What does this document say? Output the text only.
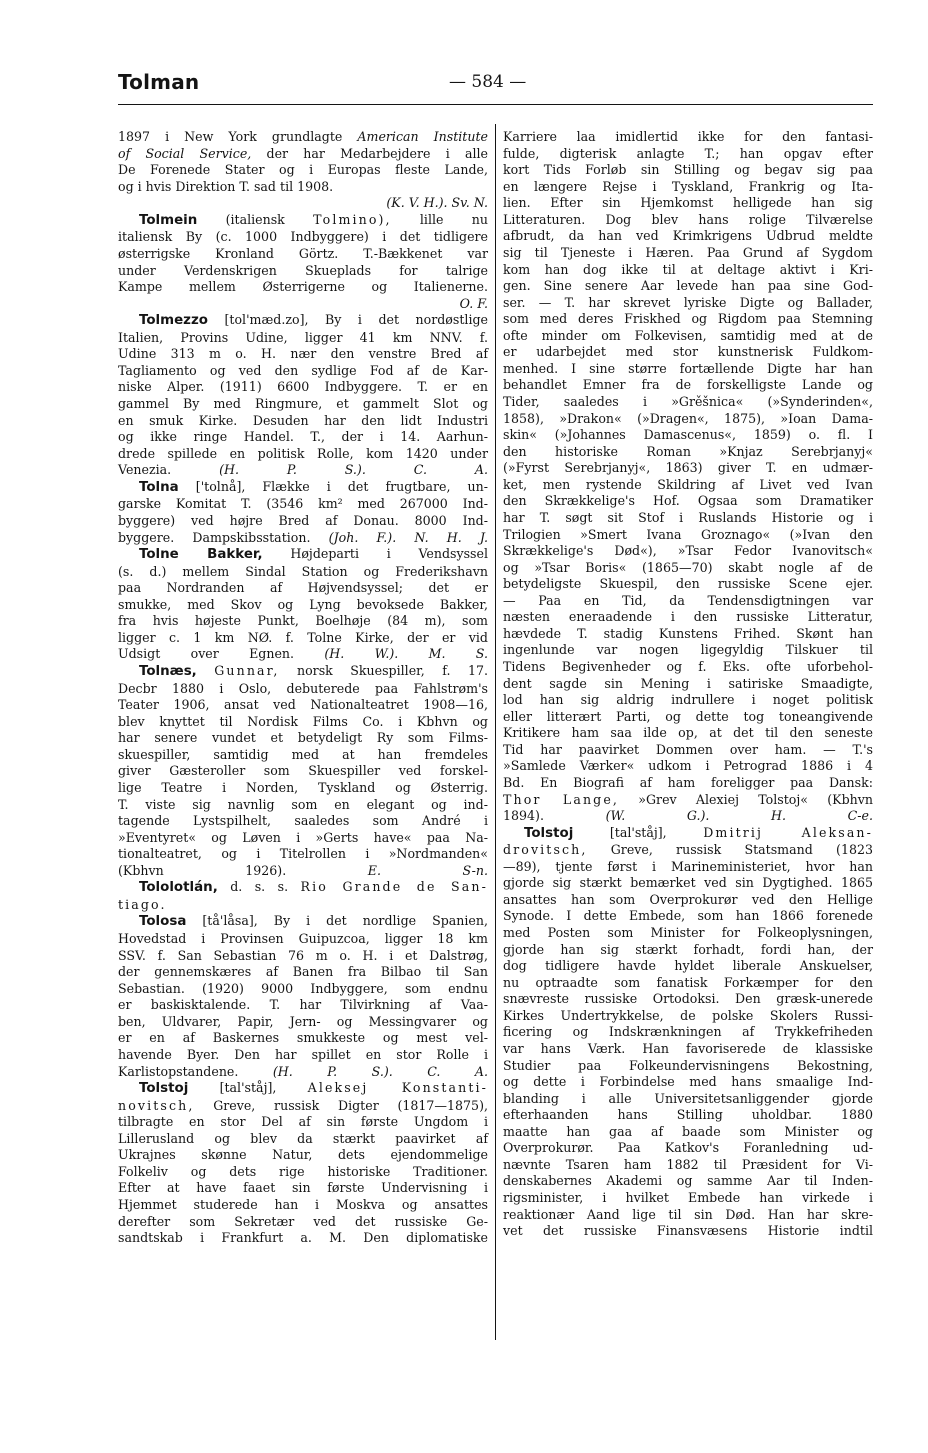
Tolman	— 584 —

1897 i New York grundlagte American Institute

of Social Service, der har Medarbejdere i alle

De Forenede Stater og i Europas fleste Lande,

og i hvis Direktion T. sad til 1908.

(K. V. H.). Sv. N.

Tolmein (italiensk Tolmino), lille nu

italiensk By (c. 1000 Indbyggere) i det tidligere

østerrigske Kronland Görtz. T.-Bækkenet var

under Verdenskrigen Skueplads for talrige

Kampe mellem Østerrigerne og Italienerne.

O. F.

Tolmezzo [tol'mæd.zo], By i det nordøstlige

Italien, Provins Udine, ligger 41 km NNV. f.

Udine 313 m o. H. nær den venstre Bred af

Tagliamento og ved den sydlige Fod af de Kar-

niske Alper. (1911) 6600 Indbyggere. T. er en

gammel By med Ringmure, et gammelt Slot og

en smuk Kirke. Desuden har den lidt Industri

og ikke ringe Handel. T., der i 14. Aarhun-

drede spillede en politisk Rolle, kom 1420 under

Venezia.	(H. P. S.). C. A.

Tolna ['tolnå], Flække i det frugtbare, un-

garske Komitat T. (3546 km² med 267000 Ind-

byggere) ved højre Bred af Donau. 8000 Ind-

byggere. Dampskibsstation. (Joh. F.). N. H. J.

Tolne Bakker, Højdeparti i Vendsyssel

(s. d.) mellem Sindal Station og Frederikshavn

paa Nordranden af Højvendsyssel; det er

smukke, med Skov og Lyng bevoksede Bakker,

fra hvis højeste Punkt, Boelhøje (84 m), som

ligger c. 1 km NØ. f. Tolne Kirke, der er vid

Udsigt over Egnen. (H. W.). M. S.

Tolnæs, Gunnar, norsk Skuespiller, f. 17.

Decbr 1880 i Oslo, debuterede paa Fahlstrøm's

Teater 1906, ansat ved Nationalteatret 1908—16,

blev knyttet til Nordisk Films Co. i Kbhvn og

har senere vundet et betydeligt Ry som Films-

skuespiller, samtidig med at han fremdeles

giver Gæsteroller som Skuespiller ved forskel-

lige Teatre i Norden, Tyskland og Østerrig.

T. viste sig navnlig som en elegant og ind-

tagende Lystspilhelt, saaledes som André i

»Eventyret« og Løven i »Gerts have« paa Na-

tionalteatret, og i Titelrollen i »Nordmanden«

(Kbhvn 1926).	E. S-n.

Tololotlán, d. s. s. Rio Grande de San-

tiago.

Tolosa [tå'låsa], By i det nordlige Spanien,

Hovedstad i Provinsen Guipuzcoa, ligger 18 km

SSV. f. San Sebastian 76 m o. H. i et Dalstrøg,

der gennemskæres af Banen fra Bilbao til San

Sebastian. (1920) 9000 Indbyggere, som endnu

er baskisktalende. T. har Tilvirkning af Vaa-

ben, Uldvarer, Papir, Jern- og Messingvarer og

er en af Baskernes smukkeste og mest vel-

havende Byer. Den har spillet en stor Rolle i

Karlistopstandene.	(H. P. S.). C. A.

Tolstoj [tal'ståj], Aleksej Konstanti-

novitsch, Greve, russisk Digter (1817—1875),

tilbragte en stor Del af sin første Ungdom i

Lillerusland og blev da stærkt paavirket af

Ukrajnes skønne Natur, dets ejendommelige

Folkeliv og dets rige historiske Traditioner.

Efter at have faaet sin første Undervisning i

Hjemmet studerede han i Moskva og ansattes

derefter som Sekretær ved det russiske Ge-

sandtskab i Frankfurt a. M. Den diplomatiske

Karriere laa imidlertid ikke for den fantasi-

fulde, digterisk anlagte T.; han opgav efter

kort Tids Forløb sin Stilling og begav sig paa

en længere Rejse i Tyskland, Frankrig og Ita-

lien. Efter sin Hjemkomst helligede han sig

Litteraturen. Dog blev hans rolige Tilværelse

afbrudt, da han ved Krimkrigens Udbrud meldte

sig til Tjeneste i Hæren. Paa Grund af Sygdom

kom han dog ikke til at deltage aktivt i Kri-

gen. Sine senere Aar levede han paa sine God-

ser. — T. har skrevet lyriske Digte og Ballader,

som med deres Friskhed og Rigdom paa Stemning

ofte minder om Folkevisen, samtidig med at de

er udarbejdet med stor kunstnerisk Fuldkom-

menhed. I sine større fortællende Digte har han

behandlet Emner fra de forskelligste Lande og

Tider, saaledes i »Grěšnica« (»Synderinden«,

1858), »Drakon« (»Dragen«, 1875), »Ioan Dama-

skin« (»Johannes Damascenus«, 1859) o. fl. I

den historiske Roman »Knjaz Serebrjanyj«

(»Fyrst Serebrjanyj«, 1863) giver T. en udmær-

ket, men rystende Skildring af Livet ved Ivan

den Skrækkelige's Hof. Ogsaa som Dramatiker

har T. søgt sit Stof i Ruslands Historie og i

Trilogien »Smert Ivana Groznago« (»Ivan den

Skrækkelige's Død«), »Tsar Fedor Ivanovitsch«

og »Tsar Boris« (1865—70) skabt nogle af de

betydeligste Skuespil, den russiske Scene ejer.

— Paa en Tid, da Tendensdigtningen var

næsten eneraadende i den russiske Litteratur,

hævdede T. stadig Kunstens Frihed. Skønt han

ingenlunde var nogen ligegyldig Tilskuer til

Tidens Begivenheder og f. Eks. ofte uforbehol-

dent sagde sin Mening i satiriske Smaadigte,

lod han sig aldrig indrullere i noget politisk

eller litterært Parti, og dette tog toneangivende

Kritikere ham saa ilde op, at det til den seneste

Tid har paavirket Dommen over ham. — T.'s

»Samlede Værker« udkom i Petrograd 1886 i 4

Bd. En Biografi af ham foreligger paa Dansk:

Thor Lange, »Grev Alexiej Tolstoj« (Kbhvn

1894).	(W. G.). H. C-e.

Tolstoj	[tal'ståj],	Dmitrij Aleksan-

drovitsch, Greve, russisk Statsmand (1823

—89), tjente først i Marineministeriet, hvor han

gjorde sig stærkt bemærket ved sin Dygtighed. 1865

ansattes han som Overprokurør ved den Hellige

Synode. I dette Embede, som han 1866 forenede

med Posten som Minister for Folkeoplysningen,

gjorde han sig stærkt forhadt, fordi han, der

dog tidligere havde hyldet liberale Anskuelser,

nu optraadte som fanatisk Forkæmper for den

snævreste russiske Ortodoksi. Den græsk-unerede

Kirkes Undertrykkelse, de polske Skolers Russi-

ficering og Indskrænkningen af Trykkefriheden

var hans Værk. Han favoriserede de klassiske

Studier paa Folkeundervisningens Bekostning,

og dette i Forbindelse med hans smaalige Ind-

blanding i alle Universitetsanliggender gjorde

efterhaanden hans Stilling uholdbar. 1880

maatte han gaa af baade som Minister og

Overprokurør. Paa Katkov's Foranledning ud-

nævnte Tsaren ham 1882 til Præsident for Vi-

denskabernes Akademi og samme Aar til Inden-

rigsminister, i hvilket Embede han virkede i

reaktionær Aand lige til sin Død. Han har skre-

vet det russiske Finansvæsens Historie indtil
